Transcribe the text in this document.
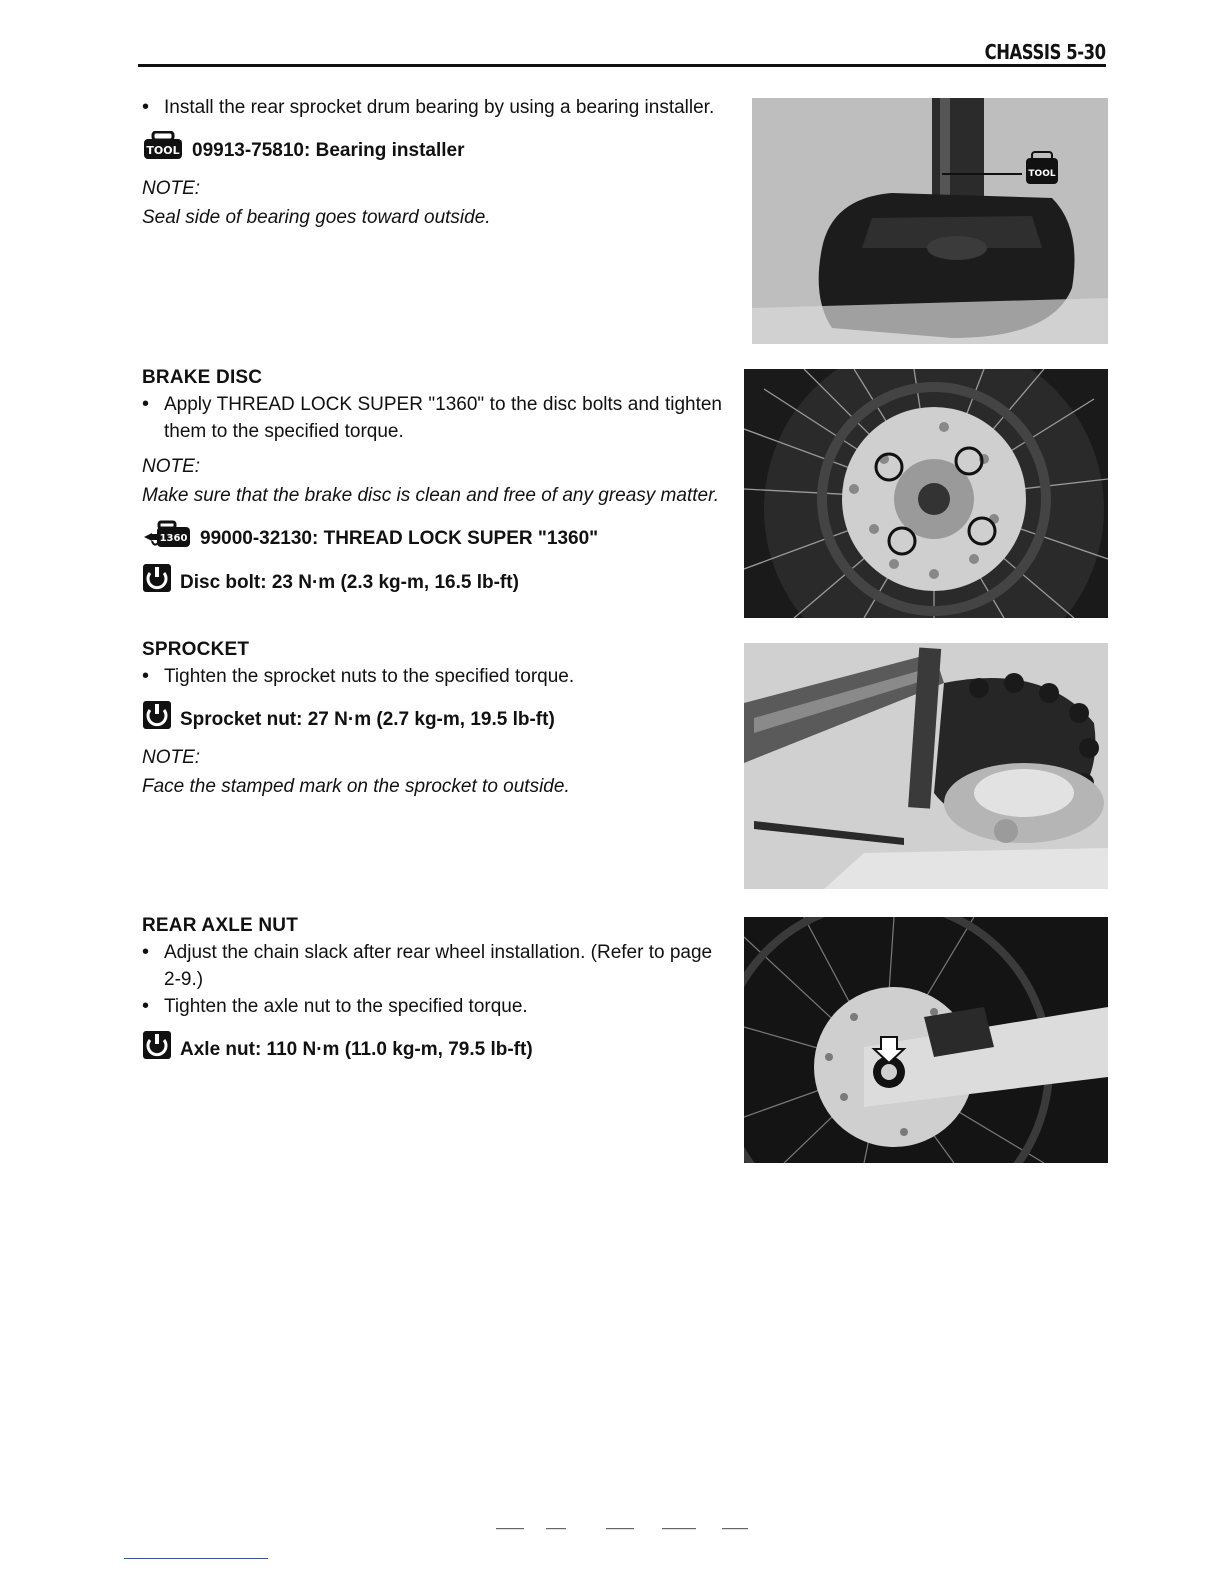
CHASSIS 5-30
• Install the rear sprocket drum bearing by using a bearing installer.
TOOL 09913-75810: Bearing installer
NOTE:
Seal side of bearing goes toward outside.
BRAKE DISC
• Apply THREAD LOCK SUPER "1360" to the disc bolts and tighten them to the specified torque.
NOTE:
Make sure that the brake disc is clean and free of any greasy matter.
1360 99000-32130: THREAD LOCK SUPER "1360"
Disc bolt: 23 N·m (2.3 kg-m, 16.5 lb-ft)
SPROCKET
• Tighten the sprocket nuts to the specified torque.
Sprocket nut: 27 N·m (2.7 kg-m, 19.5 lb-ft)
NOTE:
Face the stamped mark on the sprocket to outside.
REAR AXLE NUT
• Adjust the chain slack after rear wheel installation. (Refer to page 2-9.)
• Tighten the axle nut to the specified torque.
Axle nut: 110 N·m (11.0 kg-m, 79.5 lb-ft)
TOOL
